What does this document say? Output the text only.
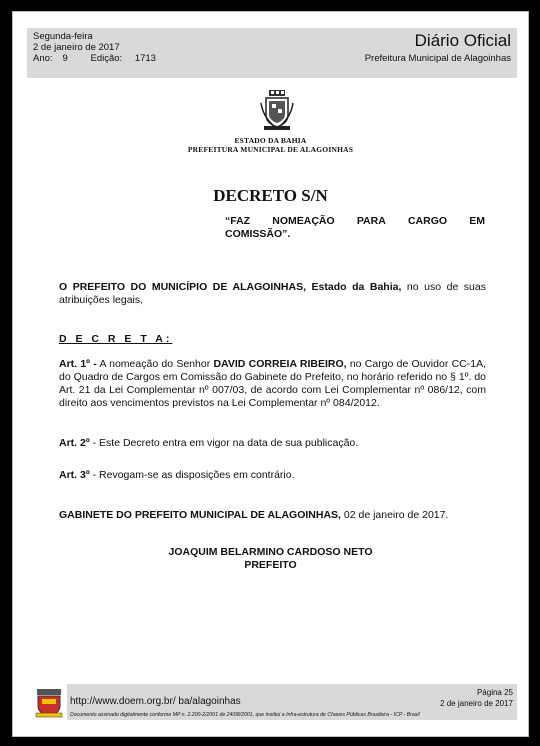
Segunda-feira
2 de janeiro de 2017
Ano: 9 Edição: 1713
Diário Oficial
Prefeitura Municipal de Alagoinhas
ESTADO DA BAHIA
PREFEITURA MUNICIPAL DE ALAGOINHAS
DECRETO S/N
“FAZ NOMEAÇÃO PARA CARGO EM
COMISSÃO”.
O PREFEITO DO MUNICÍPIO DE ALAGOINHAS, Estado da Bahia, no uso de suas atribuições legais,
D E C R E T A:
Art. 1º - A nomeação do Senhor DAVID CORREIA RIBEIRO, no Cargo de Ouvidor CC-1A, do Quadro de Cargos em Comissão do Gabinete do Prefeito, no horário referido no § 1º. do Art. 21 da Lei Complementar nº 007/03, de acordo com Lei Complementar nº 086/12, com direito aos vencimentos previstos na Lei Complementar nº 084/2012.
Art. 2º - Este Decreto entra em vigor na data de sua publicação.
Art. 3º - Revogam-se as disposições em contrário.
GABINETE DO PREFEITO MUNICIPAL DE ALAGOINHAS, 02 de janeiro de 2017.
JOAQUIM BELARMINO CARDOSO NETO
PREFEITO
http://www.doem.org.br/ ba/alagoinhas
Página 25
2 de janeiro de 2017
Documento assinado digitalmente conforme MP n. 2.200-2/2001 de 24/08/2001, que institui a Infra-estrutura de Chaves Públicas Brasileira - ICP - Brasil
